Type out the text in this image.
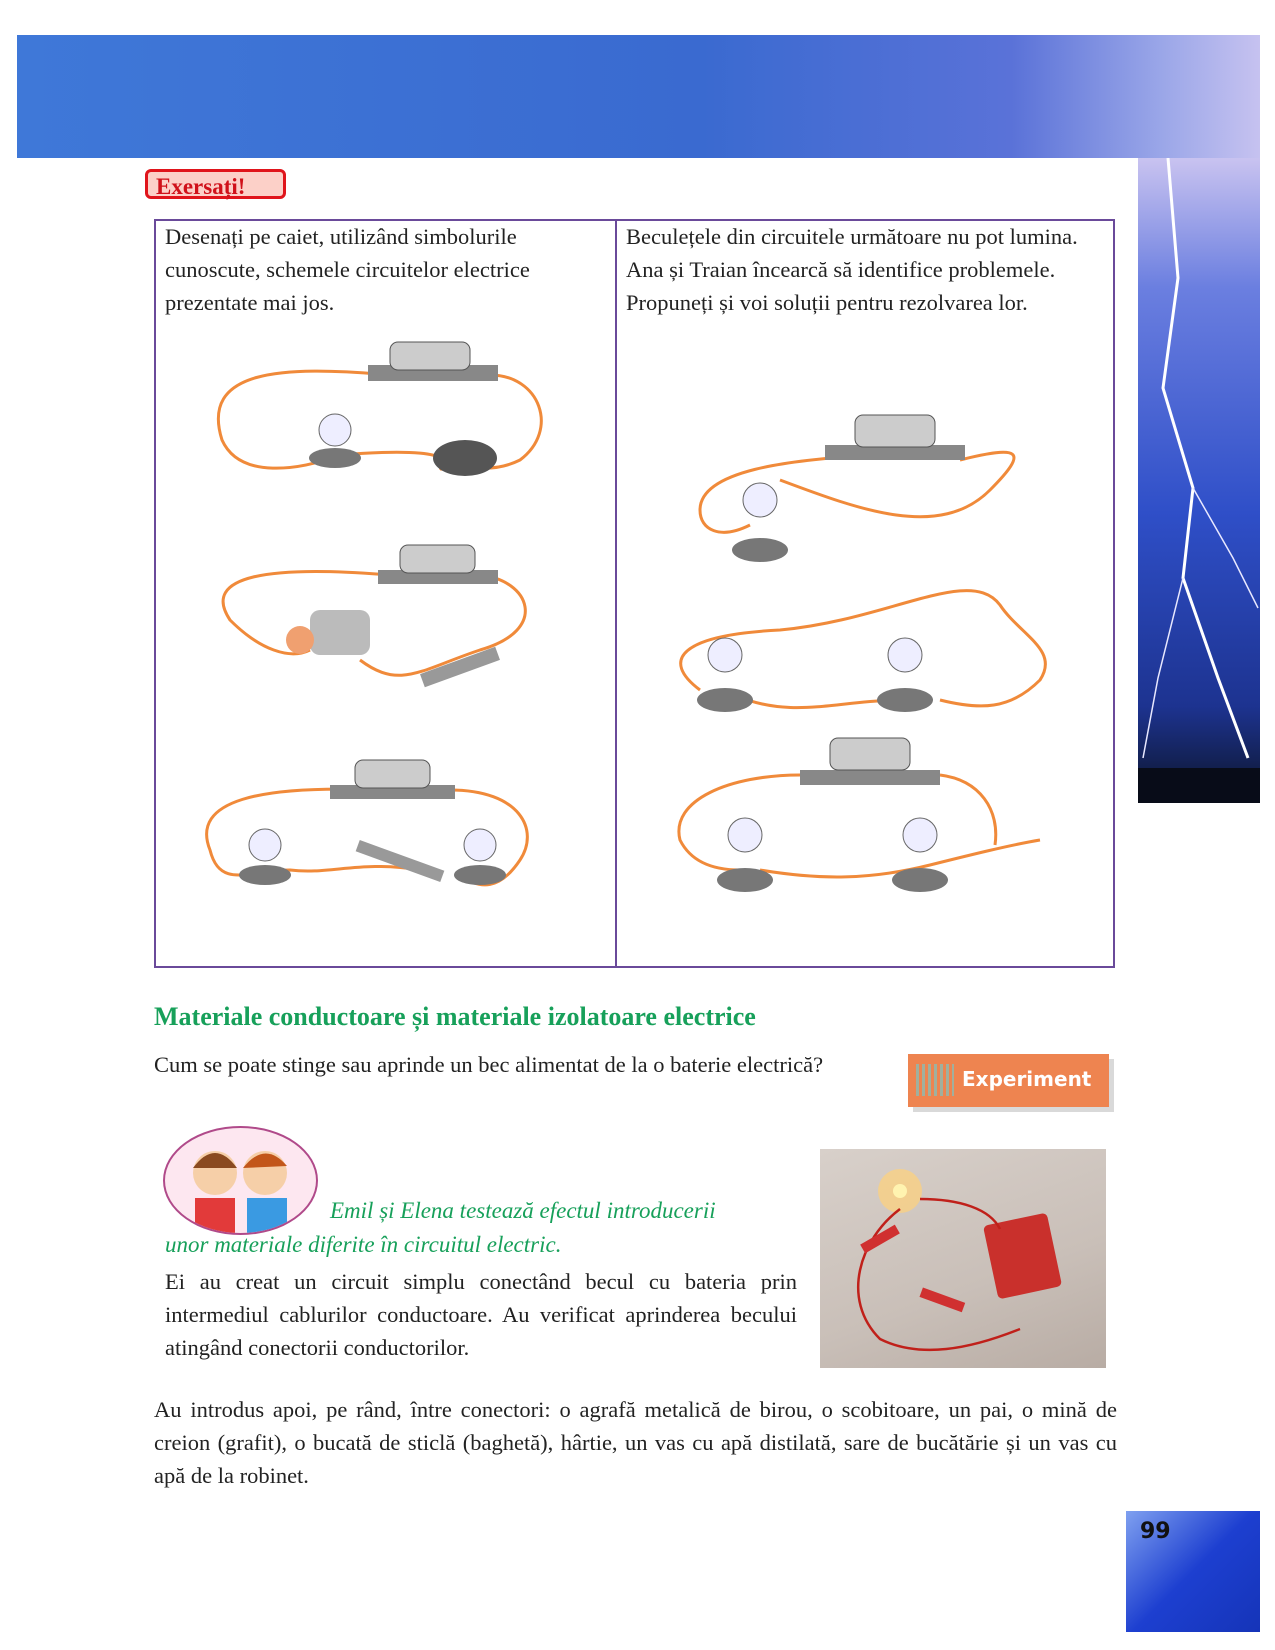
Exersați!
Desenați pe caiet, utilizând simbolurile cunoscute, schemele circuitelor electrice prezentate mai jos.
Beculețele din circuitele următoare nu pot lumina. Ana și Traian încearcă să identifice problemele. Propuneți și voi soluții pentru rezolvarea lor.
Materiale conductoare și materiale izolatoare electrice
Cum se poate stinge sau aprinde un bec alimentat de la o baterie electrică?
Experiment
Emil și Elena testează efectul introducerii
unor materiale diferite în circuitul electric.
Ei au creat un circuit simplu conectând becul cu bateria prin intermediul cablurilor conductoare. Au verificat aprinderea becului atingând conectorii conductorilor.
Au introdus apoi, pe rând, între conectori: o agrafă metalică de birou, o scobitoare, un pai, o mină de creion (grafit), o bucată de sticlă (baghetă), hârtie, un vas cu apă distilată, sare de bucătărie și un vas cu apă de la robinet.
99
